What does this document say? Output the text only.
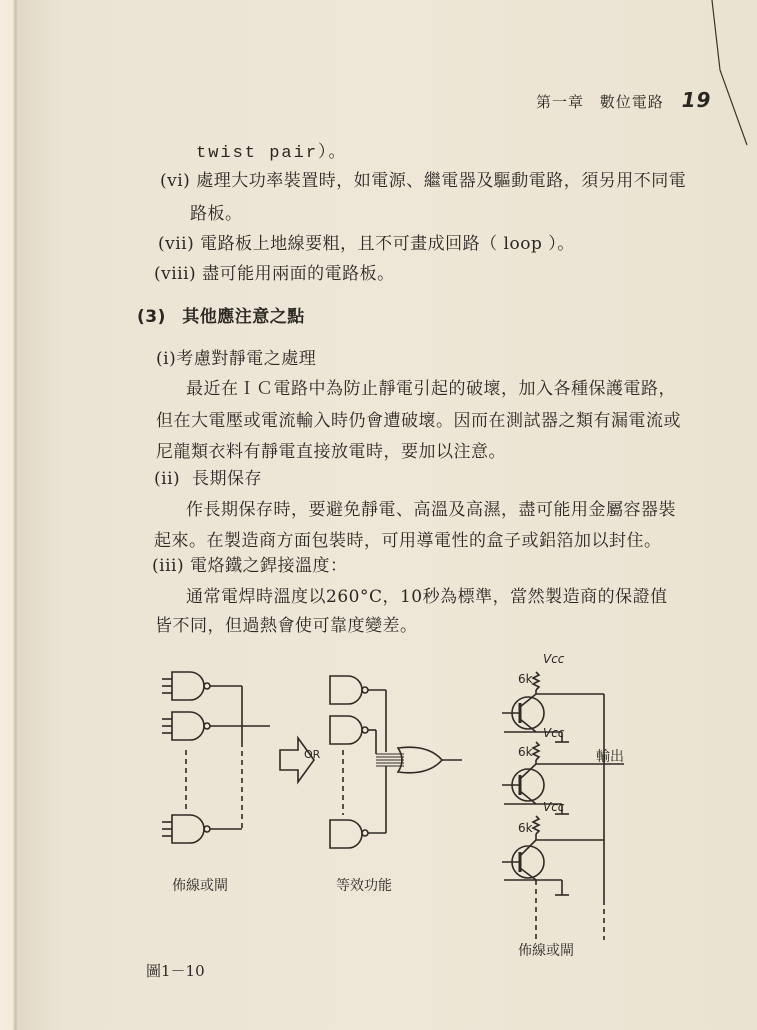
第一章 數位電路 19
twist pair）。
(vi) 處理大功率裝置時，如電源、繼電器及驅動電路，須另用不同電
路板。
(vii) 電路板上地線要粗，且不可畫成回路（ loop ）。
(viii) 盡可能用兩面的電路板。
(3) 其他應注意之點
(i)考慮對靜電之處理
最近在ＩＣ電路中為防止靜電引起的破壞，加入各種保護電路，
但在大電壓或電流輸入時仍會遭破壞。因而在測試器之類有漏電流或
尼龍類衣料有靜電直接放電時，要加以注意。
(ii) 長期保存
作長期保存時，要避免靜電、高溫及高濕，盡可能用金屬容器裝
起來。在製造商方面包裝時，可用導電性的盒子或鋁箔加以封住。
(iii) 電烙鐵之銲接溫度：
通常電焊時溫度以260°C，10秒為標準，當然製造商的保證值
皆不同，但過熱會使可靠度變差。
OR
Vcc
Vcc
Vcc
6k
6k
6k
輸出
佈線或閘	等效功能
佈線或閘
圖1－10
